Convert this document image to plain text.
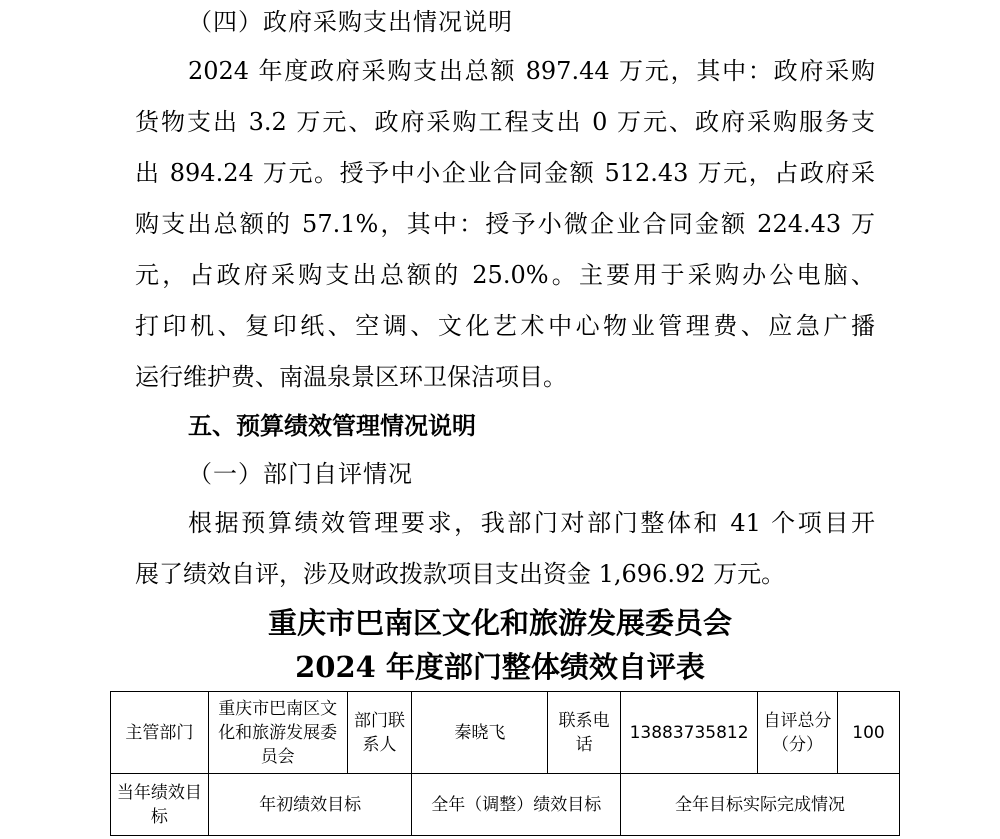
（四）政府采购支出情况说明

2024 年度政府采购支出总额 897.44 万元，其中：政府采购

货物支出 3.2 万元、政府采购工程支出 0 万元、政府采购服务支

出 894.24 万元。授予中小企业合同金额 512.43 万元，占政府采

购支出总额的 57.1%，其中：授予小微企业合同金额 224.43 万

元，占政府采购支出总额的 25.0%。主要用于采购办公电脑、

打印机、复印纸、空调、文化艺术中心物业管理费、应急广播

运行维护费、南温泉景区环卫保洁项目。

五、预算绩效管理情况说明

（一）部门自评情况

根据预算绩效管理要求，我部门对部门整体和 41 个项目开

展了绩效自评，涉及财政拨款项目支出资金 1,696.92 万元。

重庆市巴南区文化和旅游发展委员会

2024 年度部门整体绩效自评表

主管部门	重庆市巴南区文化和旅游发展委员会	部门联系人	秦晓飞	联系电话	13883735812	自评总分（分）	100
当年绩效目标	年初绩效目标		全年（调整）绩效目标		全年目标实际完成情况		
